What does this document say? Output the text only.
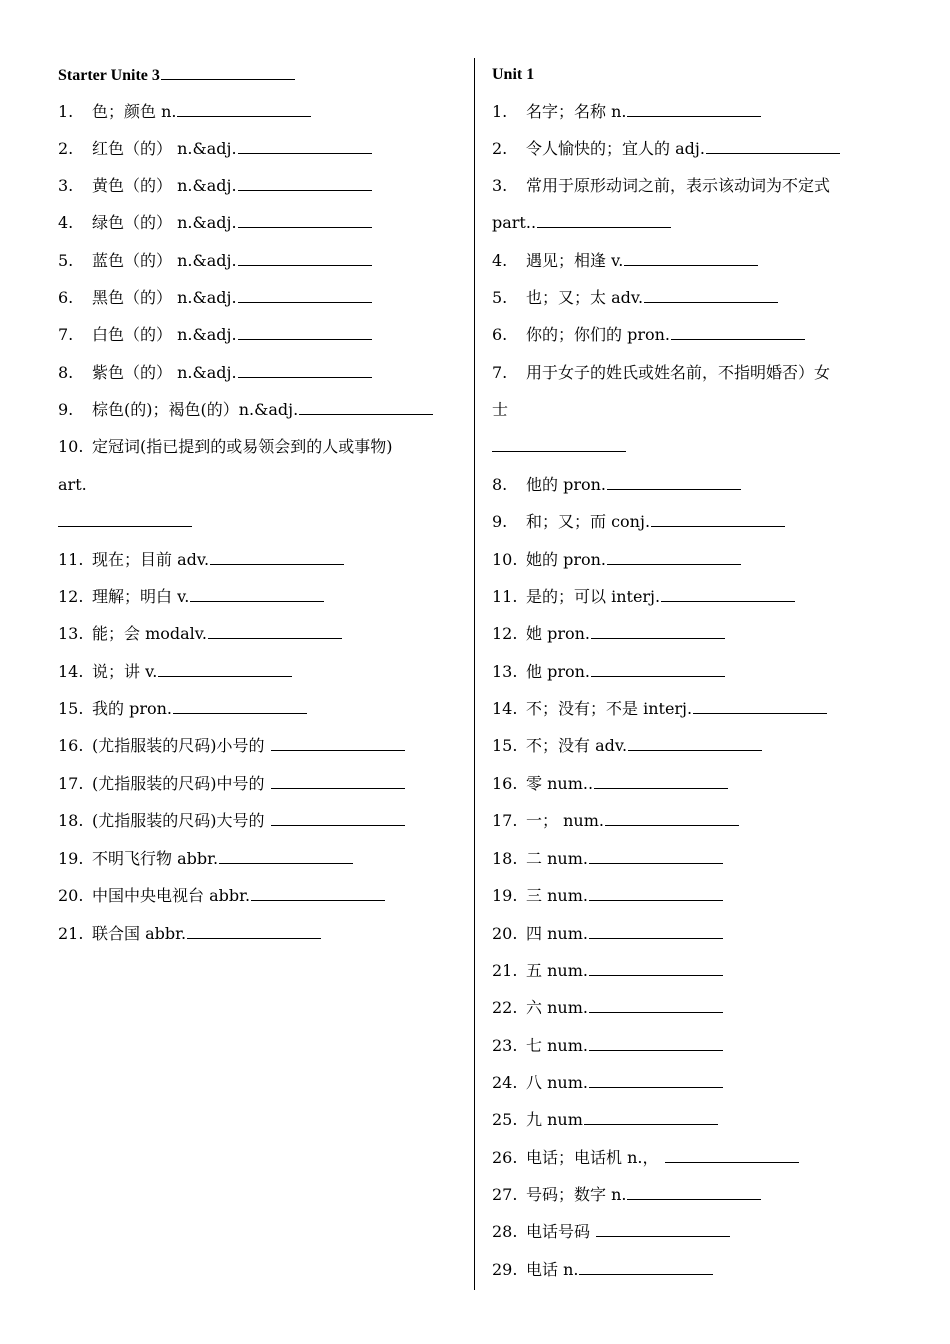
Starter Unite 3
1. 色；颜色 n.
2. 红色（的） n.&adj.
3. 黄色（的） n.&adj.
4. 绿色（的） n.&adj.
5. 蓝色（的） n.&adj.
6. 黑色（的） n.&adj.
7. 白色（的） n.&adj.
8. 紫色（的） n.&adj.
9. 棕色(的)；褐色(的）n.&adj.
10. 定冠词(指已提到的或易领会到的人或事物)
art.
11. 现在；目前 adv.
12. 理解；明白 v.
13. 能；会 modalv.
14. 说；讲 v.
15. 我的 pron.
16. (尤指服装的尺码)小号的
17. (尤指服装的尺码)中号的
18. (尤指服装的尺码)大号的
19. 不明飞行物 abbr.
20. 中国中央电视台 abbr.
21. 联合国 abbr.
Unit 1
1. 名字；名称 n.
2. 令人愉快的；宜人的 adj.
3. 常用于原形动词之前，表示该动词为不定式
part..
4. 遇见；相逢 v.
5. 也；又；太 adv.
6. 你的；你们的 pron.
7. 用于女子的姓氏或姓名前，不指明婚否）女
士
8. 他的 pron.
9. 和；又；而 conj.
10. 她的 pron.
11. 是的；可以 interj.
12. 她 pron.
13. 他 pron.
14. 不；没有；不是 interj.
15. 不；没有 adv.
16. 零 num..
17. 一； num.
18. 二 num.
19. 三 num.
20. 四 num.
21. 五 num.
22. 六 num.
23. 七 num.
24. 八 num.
25. 九 num
26. 电话；电话机 n.，
27. 号码；数字 n.
28. 电话号码
29. 电话 n.
